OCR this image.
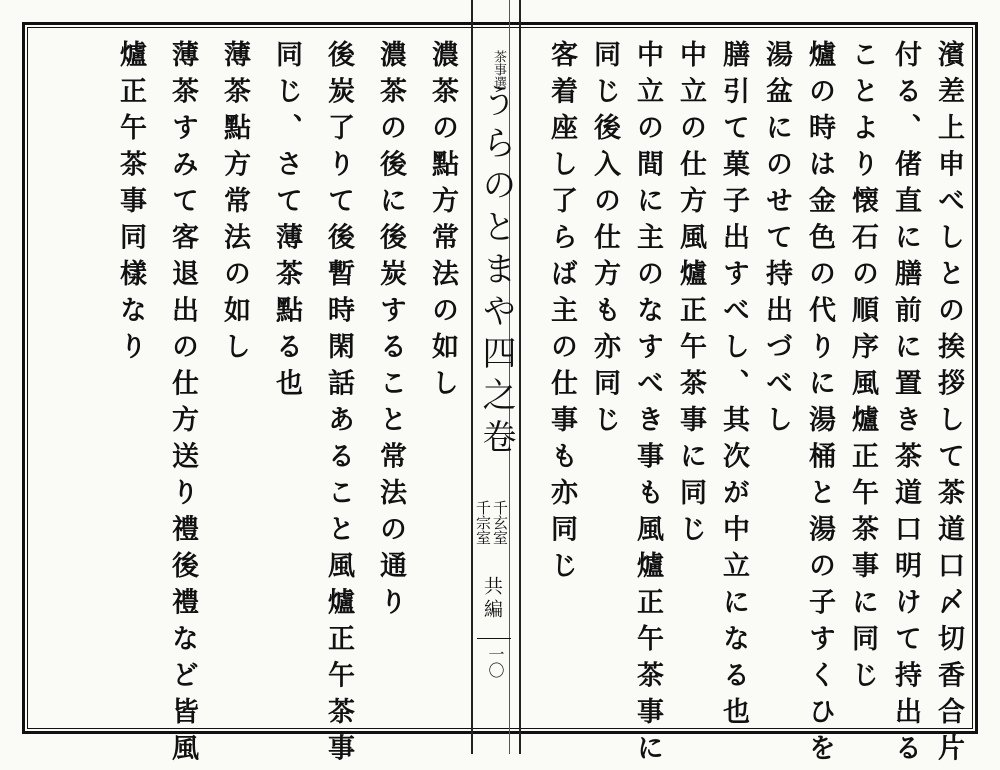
濱差上申べしとの挨拶して茶道口〆切香合片
付る、偖直に膳前に置き茶道口明けて持出る
ことより懐石の順序風爐正午茶事に同じ
爐の時は金色の代りに湯桶と湯の子すくひを
湯盆にのせて持出づべし
膳引て菓子出すべし、其次が中立になる也
中立の仕方風爐正午茶事に同じ
中立の間に主のなすべき事も風爐正午茶事に
茶事選
うらのとまや四之卷
千玄室
千宗室
共編
一〇
濃茶の點方常法の如し
濃茶の後に後炭すること常法の通り
後炭了りて後暫時閑話あること風爐正午茶事
同じ、さて薄茶點る也
薄茶點方常法の如し
薄茶すみて客退出の仕方送り禮後禮など皆風
爐正午茶事同樣なり	同じ後入の仕方も亦同じ
客着座し了らば主の仕事も亦同じ
